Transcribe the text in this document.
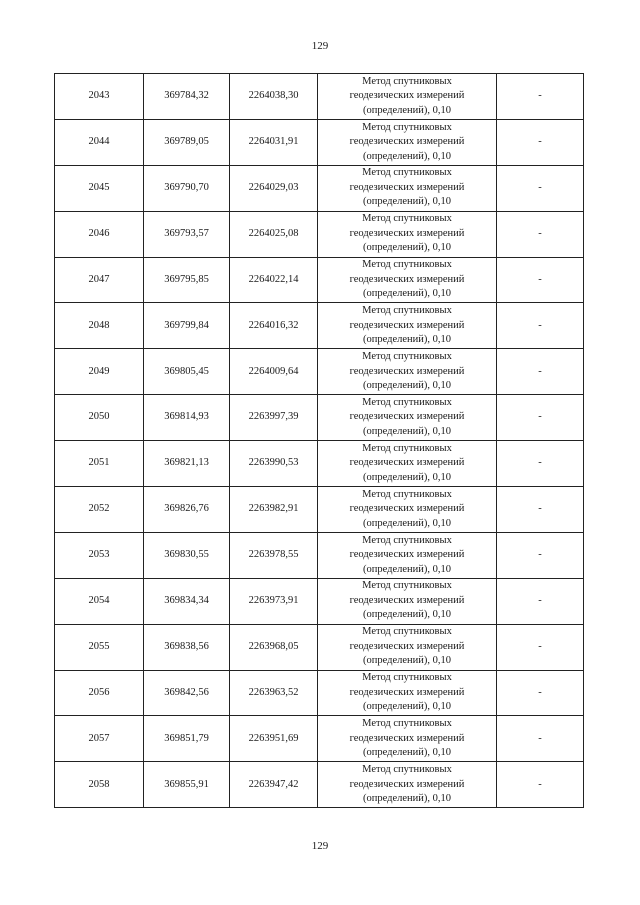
129
2043	369784,32	2264038,30	Метод спутниковых
геодезических измерений
(определений), 0,10	-
2044	369789,05	2264031,91	Метод спутниковых
геодезических измерений
(определений), 0,10	-
2045	369790,70	2264029,03	Метод спутниковых
геодезических измерений
(определений), 0,10	-
2046	369793,57	2264025,08	Метод спутниковых
геодезических измерений
(определений), 0,10	-
2047	369795,85	2264022,14	Метод спутниковых
геодезических измерений
(определений), 0,10	-
2048	369799,84	2264016,32	Метод спутниковых
геодезических измерений
(определений), 0,10	-
2049	369805,45	2264009,64	Метод спутниковых
геодезических измерений
(определений), 0,10	-
2050	369814,93	2263997,39	Метод спутниковых
геодезических измерений
(определений), 0,10	-
2051	369821,13	2263990,53	Метод спутниковых
геодезических измерений
(определений), 0,10	-
2052	369826,76	2263982,91	Метод спутниковых
геодезических измерений
(определений), 0,10	-
2053	369830,55	2263978,55	Метод спутниковых
геодезических измерений
(определений), 0,10	-
2054	369834,34	2263973,91	Метод спутниковых
геодезических измерений
(определений), 0,10	-
2055	369838,56	2263968,05	Метод спутниковых
геодезических измерений
(определений), 0,10	-
2056	369842,56	2263963,52	Метод спутниковых
геодезических измерений
(определений), 0,10	-
2057	369851,79	2263951,69	Метод спутниковых
геодезических измерений
(определений), 0,10	-
2058	369855,91	2263947,42	Метод спутниковых
геодезических измерений
(определений), 0,10	-
129
